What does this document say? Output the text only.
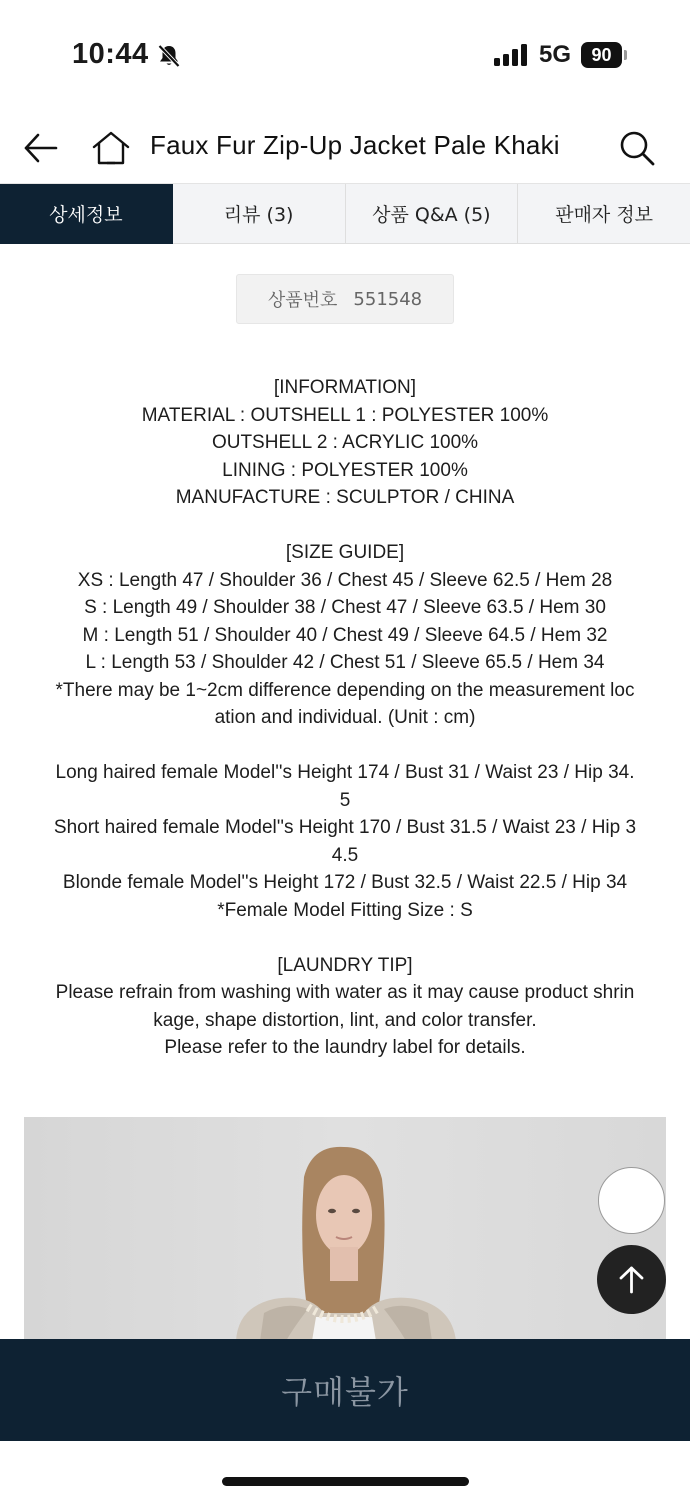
10:44	5G	90
Faux Fur Zip-Up Jacket Pale Khaki
상세정보	리뷰 (3)	상품 Q&A (5)	판매자 정보
상품번호 551548
[INFORMATION]
MATERIAL : OUTSHELL 1 : POLYESTER 100%
OUTSHELL 2 : ACRYLIC 100%
LINING : POLYESTER 100%
MANUFACTURE : SCULPTOR / CHINA
[SIZE GUIDE]
XS : Length 47 / Shoulder 36 / Chest 45 / Sleeve 62.5 / Hem 28
S : Length 49 / Shoulder 38 / Chest 47 / Sleeve 63.5 / Hem 30
M : Length 51 / Shoulder 40 / Chest 49 / Sleeve 64.5 / Hem 32
L : Length 53 / Shoulder 42 / Chest 51 / Sleeve 65.5 / Hem 34
*There may be 1~2cm difference depending on the measurement loc
ation and individual. (Unit : cm)
Long haired female Model''s Height 174 / Bust 31 / Waist 23 / Hip 34.
5
Short haired female Model''s Height 170 / Bust 31.5 / Waist 23 / Hip 3
4.5
Blonde female Model''s Height 172 / Bust 32.5 / Waist 22.5 / Hip 34
*Female Model Fitting Size : S
[LAUNDRY TIP]
Please refrain from washing with water as it may cause product shrin
kage, shape distortion, lint, and color transfer.
Please refer to the laundry label for details.
구매불가
